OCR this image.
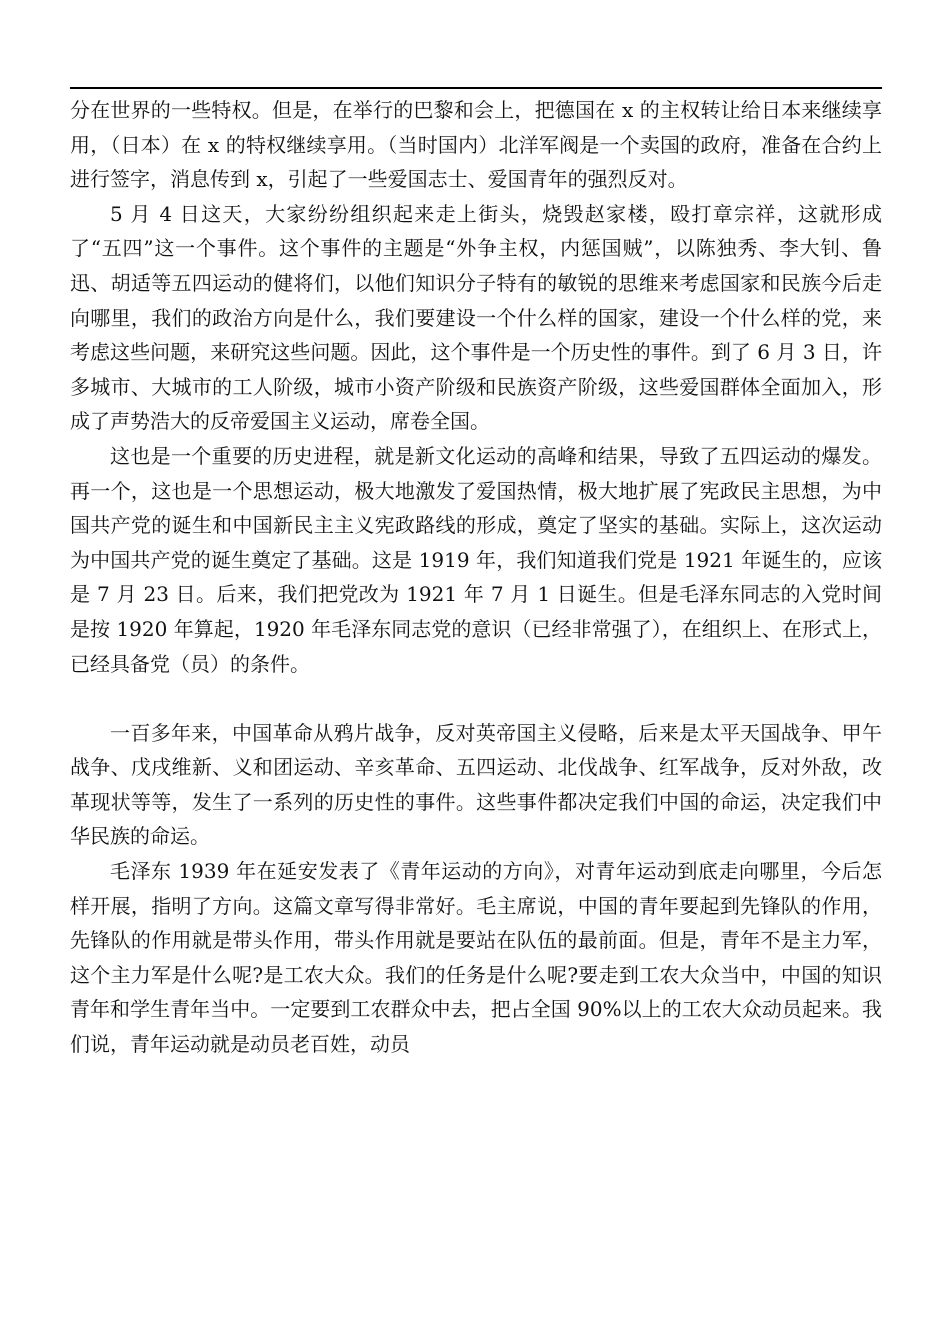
分在世界的一些特权。但是，在举行的巴黎和会上，把德国在 x 的主权转让给日本来继续享用，（日本）在 x 的特权继续享用。（当时国内）北洋军阀是一个卖国的政府，准备在合约上进行签字，消息传到 x，引起了一些爱国志士、爱国青年的强烈反对。

5 月 4 日这天，大家纷纷组织起来走上街头，烧毁赵家楼，殴打章宗祥，这就形成了“五四”这一个事件。这个事件的主题是“外争主权，内惩国贼”，以陈独秀、李大钊、鲁迅、胡适等五四运动的健将们，以他们知识分子特有的敏锐的思维来考虑国家和民族今后走向哪里，我们的政治方向是什么，我们要建设一个什么样的国家，建设一个什么样的党，来考虑这些问题，来研究这些问题。因此，这个事件是一个历史性的事件。到了 6 月 3 日，许多城市、大城市的工人阶级，城市小资产阶级和民族资产阶级，这些爱国群体全面加入，形成了声势浩大的反帝爱国主义运动，席卷全国。

这也是一个重要的历史进程，就是新文化运动的高峰和结果，导致了五四运动的爆发。再一个，这也是一个思想运动，极大地激发了爱国热情，极大地扩展了宪政民主思想，为中国共产党的诞生和中国新民主主义宪政路线的形成，奠定了坚实的基础。实际上，这次运动为中国共产党的诞生奠定了基础。这是 1919 年，我们知道我们党是 1921 年诞生的，应该是 7 月 23 日。后来，我们把党改为 1921 年 7 月 1 日诞生。但是毛泽东同志的入党时间是按 1920 年算起，1920 年毛泽东同志党的意识（已经非常强了），在组织上、在形式上，已经具备党（员）的条件。

一百多年来，中国革命从鸦片战争，反对英帝国主义侵略，后来是太平天国战争、甲午战争、戊戌维新、义和团运动、辛亥革命、五四运动、北伐战争、红军战争，反对外敌，改革现状等等，发生了一系列的历史性的事件。这些事件都决定我们中国的命运，决定我们中华民族的命运。

毛泽东 1939 年在延安发表了《青年运动的方向》，对青年运动到底走向哪里，今后怎样开展，指明了方向。这篇文章写得非常好。毛主席说，中国的青年要起到先锋队的作用，先锋队的作用就是带头作用，带头作用就是要站在队伍的最前面。但是，青年不是主力军，这个主力军是什么呢?是工农大众。我们的任务是什么呢?要走到工农大众当中，中国的知识青年和学生青年当中。一定要到工农群众中去，把占全国 90%以上的工农大众动员起来。我们说，青年运动就是动员老百姓，动员
